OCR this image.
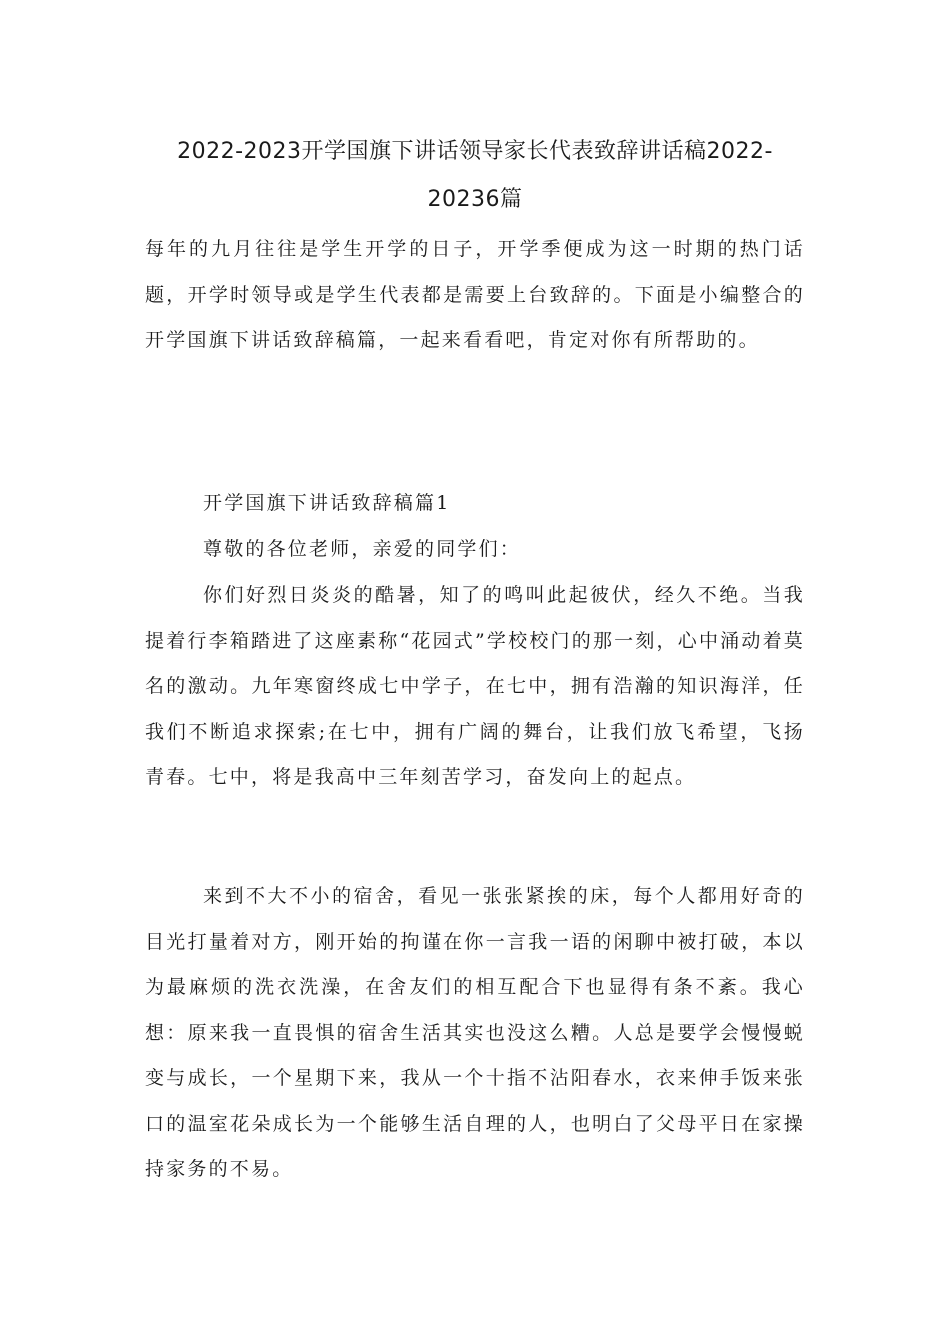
2022-2023开学国旗下讲话领导家长代表致辞讲话稿2022-20236篇

每年的九月往往是学生开学的日子，开学季便成为这一时期的热门话题，开学时领导或是学生代表都是需要上台致辞的。下面是小编整合的开学国旗下讲话致辞稿篇，一起来看看吧，肯定对你有所帮助的。

开学国旗下讲话致辞稿篇1

尊敬的各位老师，亲爱的同学们：

你们好烈日炎炎的酷暑，知了的鸣叫此起彼伏，经久不绝。当我提着行李箱踏进了这座素称“花园式”学校校门的那一刻，心中涌动着莫名的激动。九年寒窗终成七中学子，在七中，拥有浩瀚的知识海洋，任我们不断追求探索;在七中，拥有广阔的舞台，让我们放飞希望，飞扬青春。七中，将是我高中三年刻苦学习，奋发向上的起点。

来到不大不小的宿舍，看见一张张紧挨的床，每个人都用好奇的目光打量着对方，刚开始的拘谨在你一言我一语的闲聊中被打破，本以为最麻烦的洗衣洗澡，在舍友们的相互配合下也显得有条不紊。我心想：原来我一直畏惧的宿舍生活其实也没这么糟。人总是要学会慢慢蜕变与成长，一个星期下来，我从一个十指不沾阳春水，衣来伸手饭来张口的温室花朵成长为一个能够生活自理的人，也明白了父母平日在家操持家务的不易。
